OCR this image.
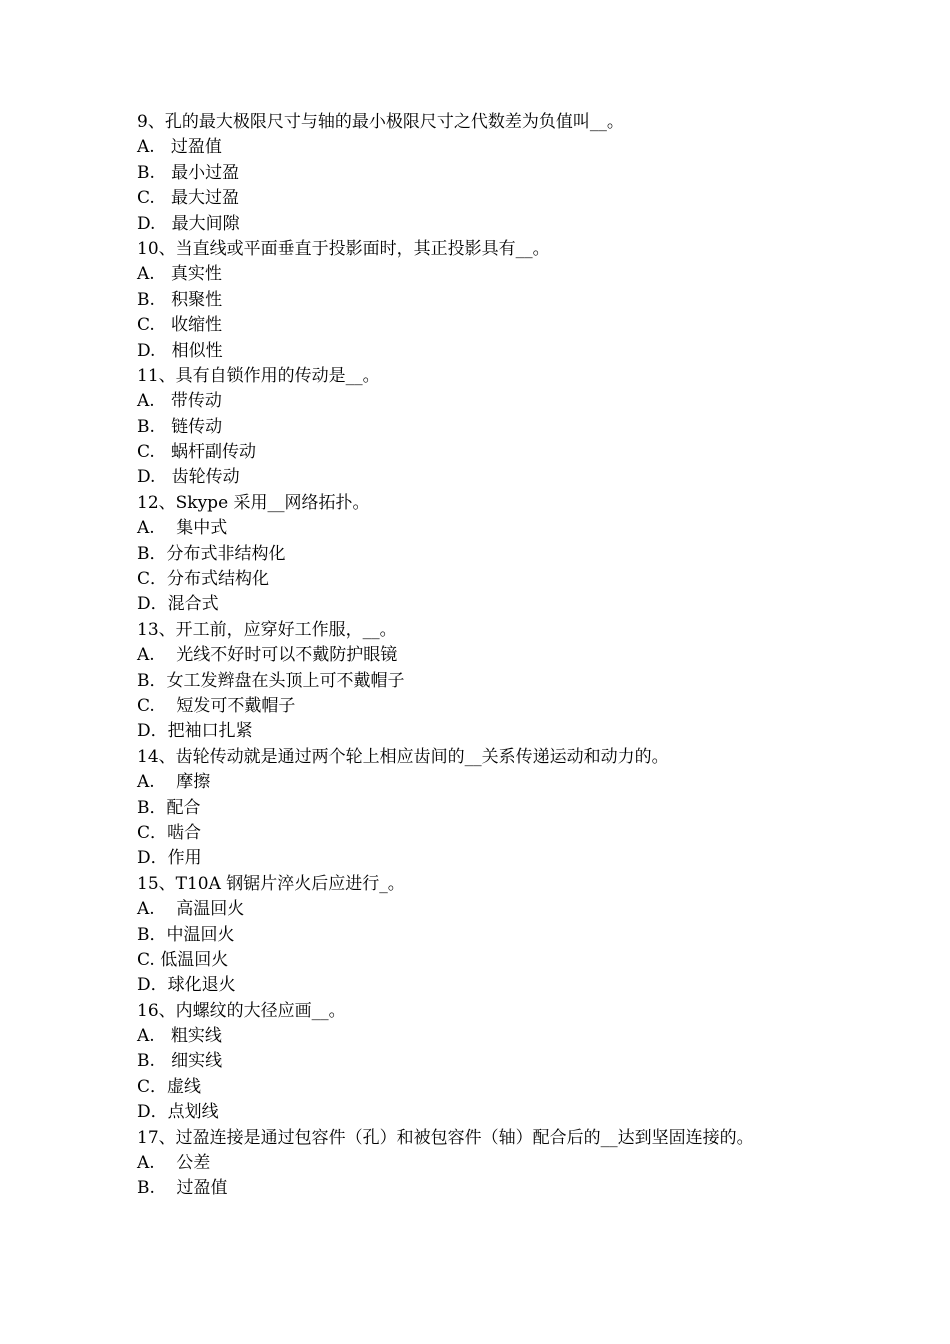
9、孔的最大极限尺寸与轴的最小极限尺寸之代数差为负值叫__。
A.   过盈值
B.   最小过盈
C.   最大过盈
D.   最大间隙
10、当直线或平面垂直于投影面时，其正投影具有__。
A.   真实性
B.   积聚性
C.   收缩性
D.   相似性
11、具有自锁作用的传动是__。
A.   带传动
B.   链传动
C.   蜗杆副传动
D.   齿轮传动
12、Skype 采用__网络拓扑。
A.    集中式
B．分布式非结构化
C．分布式结构化
D．混合式
13、开工前，应穿好工作服，__。
A.    光线不好时可以不戴防护眼镜
B．女工发辫盘在头顶上可不戴帽子
C.    短发可不戴帽子
D．把袖口扎紧
14、齿轮传动就是通过两个轮上相应齿间的__关系传递运动和动力的。
A.    摩擦
B．配合
C．啮合
D．作用
15、T10A 钢锯片淬火后应进行_。
A.    高温回火
B．中温回火
C. 低温回火
D．球化退火
16、内螺纹的大径应画__。
A.   粗实线
B.   细实线
C．虚线
D．点划线
17、过盈连接是通过包容件（孔）和被包容件（轴）配合后的__达到坚固连接的。
A.    公差
B.    过盈值
